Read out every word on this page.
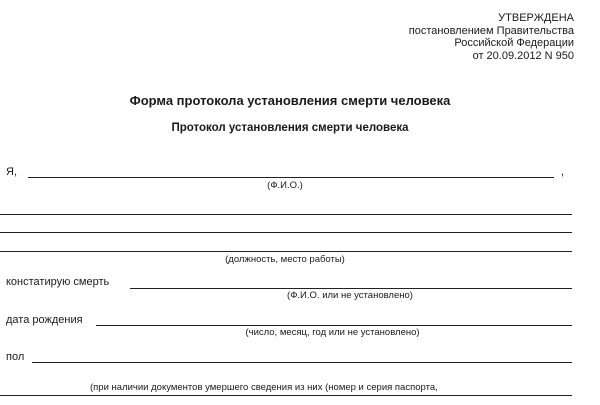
УТВЕРЖДЕНА
постановлением Правительства
Российской Федерации
от 20.09.2012 N 950
Форма протокола установления смерти человека
Протокол установления смерти человека
Я,	,
(Ф.И.О.)
(должность, место работы)
констатирую смерть
(Ф.И.О. или не установлено)
дата рождения
(число, месяц, год или не установлено)
пол
(при наличии документов умершего сведения из них (номер и серия паспорта,
